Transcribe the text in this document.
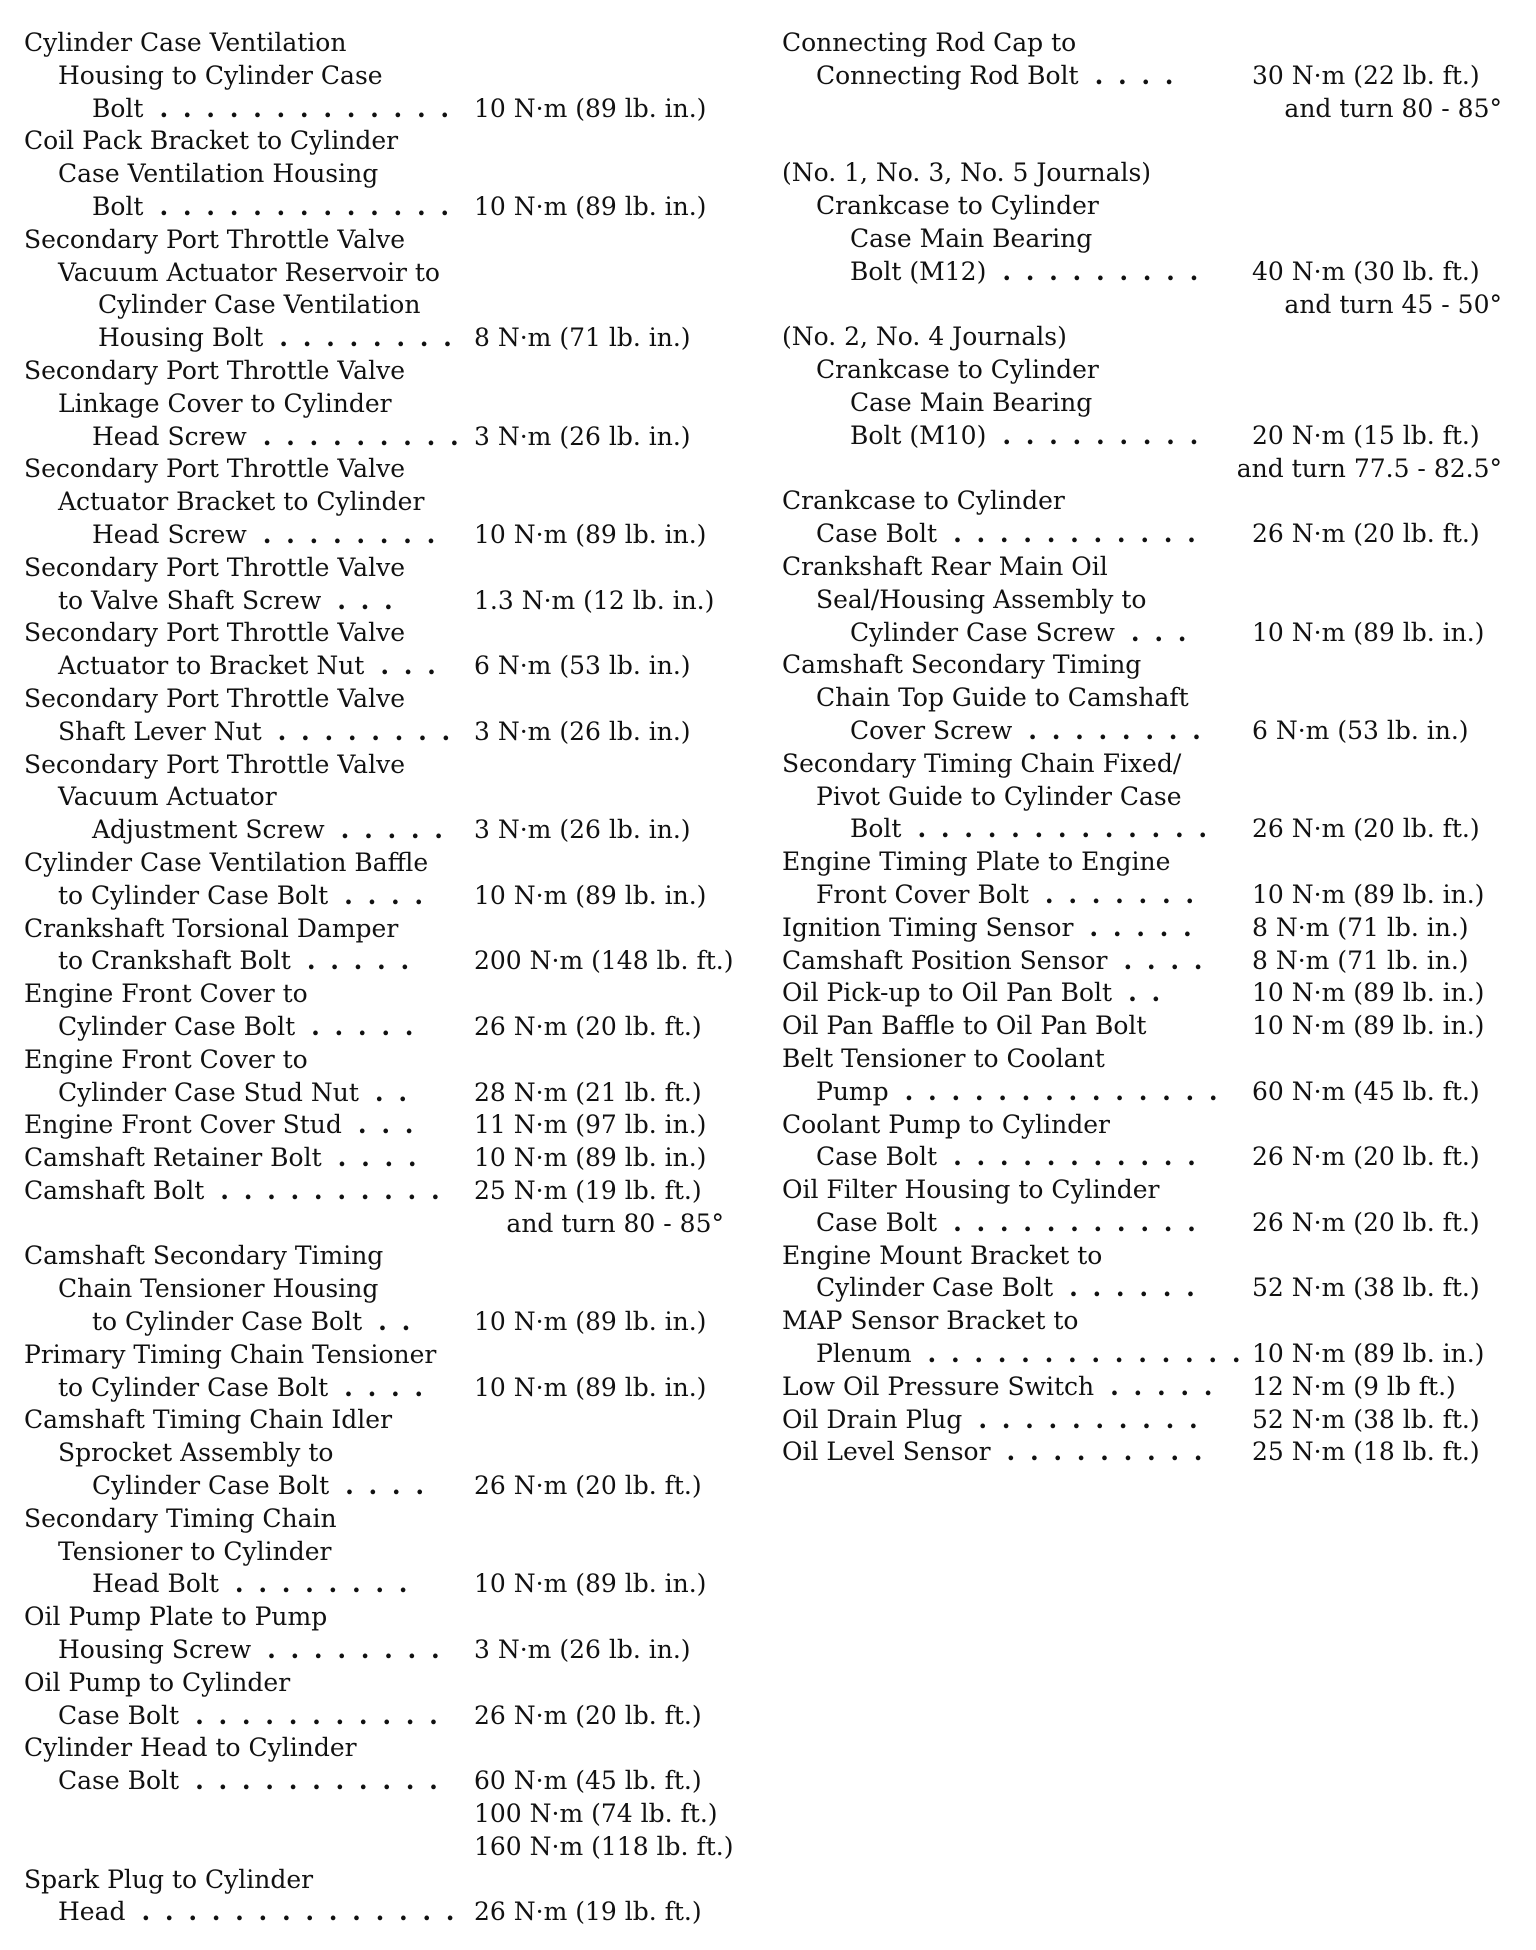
Cylinder Case Ventilation
Housing to Cylinder Case
Bolt . . . . . . . . . . . . . 10 N·m (89 lb. in.)
Coil Pack Bracket to Cylinder
Case Ventilation Housing
Bolt . . . . . . . . . . . . . 10 N·m (89 lb. in.)
Secondary Port Throttle Valve
Vacuum Actuator Reservoir to
Cylinder Case Ventilation
Housing Bolt . . . . . . . . 8 N·m (71 lb. in.)
Secondary Port Throttle Valve
Linkage Cover to Cylinder
Head Screw . . . . . . . . . 3 N·m (26 lb. in.)
Secondary Port Throttle Valve
Actuator Bracket to Cylinder
Head Screw . . . . . . . . 10 N·m (89 lb. in.)
Secondary Port Throttle Valve
to Valve Shaft Screw . . .	1.3 N·m (12 lb. in.)
Secondary Port Throttle Valve
Actuator to Bracket Nut . . . 6 N·m (53 lb. in.)
Secondary Port Throttle Valve
Shaft Lever Nut . . . . . . . . 3 N·m (26 lb. in.)
Secondary Port Throttle Valve
Vacuum Actuator
Adjustment Screw . . . . . 3 N·m (26 lb. in.)
Cylinder Case Ventilation Baffle
to Cylinder Case Bolt . . . . 10 N·m (89 lb. in.)
Crankshaft Torsional Damper
to Crankshaft Bolt . . . . . 200 N·m (148 lb. ft.)
Engine Front Cover to
Cylinder Case Bolt . . . . . 26 N·m (20 lb. ft.)
Engine Front Cover to
Cylinder Case Stud Nut . .	28 N·m (21 lb. ft.)
Engine Front Cover Stud . . . 11 N·m (97 lb. in.)
Camshaft Retainer Bolt . . . . 10 N·m (89 lb. in.)
Camshaft Bolt . . . . . . . . . . 25 N·m (19 lb. ft.)
and turn 80 - 85°
Camshaft Secondary Timing
Chain Tensioner Housing
to Cylinder Case Bolt . . 10 N·m (89 lb. in.)
Primary Timing Chain Tensioner
to Cylinder Case Bolt . . . . 10 N·m (89 lb. in.)
Camshaft Timing Chain Idler
Sprocket Assembly to
Cylinder Case Bolt . . . . 26 N·m (20 lb. ft.)
Secondary Timing Chain
Tensioner to Cylinder
Head Bolt . . . . . . . .	10 N·m (89 lb. in.)
Oil Pump Plate to Pump
Housing Screw . . . . . . . . 3 N·m (26 lb. in.)
Oil Pump to Cylinder
Case Bolt . . . . . . . . . . . 26 N·m (20 lb. ft.)
Cylinder Head to Cylinder
Case Bolt . . . . . . . . . . . 60 N·m (45 lb. ft.)
100 N·m (74 lb. ft.)
160 N·m (118 lb. ft.)
Spark Plug to Cylinder
Head . . . . . . . . . . . . . . 26 N·m (19 lb. ft.)
Connecting Rod Cap to
Connecting Rod Bolt . . . .	30 N·m (22 lb. ft.)
and turn 80 - 85°
(No. 1, No. 3, No. 5 Journals)
Crankcase to Cylinder
Case Main Bearing
Bolt (M12) . . . . . . . . . 40 N·m (30 lb. ft.)
and turn 45 - 50°
(No. 2, No. 4 Journals)
Crankcase to Cylinder
Case Main Bearing
Bolt (M10) . . . . . . . . . 20 N·m (15 lb. ft.)
and turn 77.5 - 82.5°
Crankcase to Cylinder
Case Bolt . . . . . . . . . . . 26 N·m (20 lb. ft.)
Crankshaft Rear Main Oil
Seal/Housing Assembly to
Cylinder Case Screw . . .	10 N·m (89 lb. in.)
Camshaft Secondary Timing
Chain Top Guide to Camshaft
Cover Screw . . . . . . . . 6 N·m (53 lb. in.)
Secondary Timing Chain Fixed/
Pivot Guide to Cylinder Case
Bolt . . . . . . . . . . . . . 26 N·m (20 lb. ft.)
Engine Timing Plate to Engine
Front Cover Bolt . . . . . . . 10 N·m (89 lb. in.)
Ignition Timing Sensor . . . . . 8 N·m (71 lb. in.)
Camshaft Position Sensor . . . . 8 N·m (71 lb. in.)
Oil Pick-up to Oil Pan Bolt . .	10 N·m (89 lb. in.)
Oil Pan Baffle to Oil Pan Bolt	10 N·m (89 lb. in.)
Belt Tensioner to Coolant
Pump . . . . . . . . . . . . . . 60 N·m (45 lb. ft.)
Coolant Pump to Cylinder
Case Bolt . . . . . . . . . . . 26 N·m (20 lb. ft.)
Oil Filter Housing to Cylinder
Case Bolt . . . . . . . . . . . 26 N·m (20 lb. ft.)
Engine Mount Bracket to
Cylinder Case Bolt . . . . . . 52 N·m (38 lb. ft.)
MAP Sensor Bracket to
Plenum . . . . . . . . . . . . . . 10 N·m (89 lb. in.)
Low Oil Pressure Switch . . . . . 12 N·m (9 lb ft.)
Oil Drain Plug . . . . . . . . . . 52 N·m (38 lb. ft.)
Oil Level Sensor . . . . . . . . . 25 N·m (18 lb. ft.)
